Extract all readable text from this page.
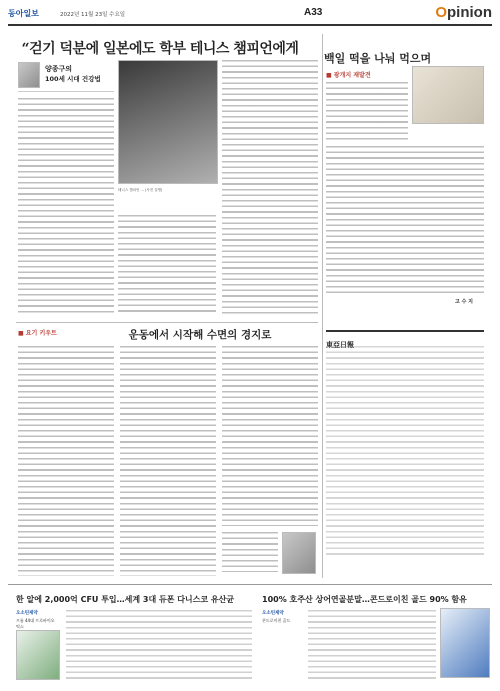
동아일보	2022년 11월 23일 수요일	A33	Opinion
“걷기 덕분에 일본에도 학부 테니스 챔피언에게
양종구의
100세 시대 건강법
테니스 챔피언 ... (사진 설명)
■ 요기 키우트	운동에서 시작해 수면의 경지로
백일 떡을 나눠 먹으며
■ 광개지 재발견
고 수 지
東亞日報
한 알에 2,000억 CFU 투입…세계 3대 듀폰 다니스코 유산균
오소틴제약
프롬 44대 프로바이오틱스
100% 호주산 상어연골분말…콘드로이친 골드 90% 함유
오소틴제약
콘드로이친 골드
